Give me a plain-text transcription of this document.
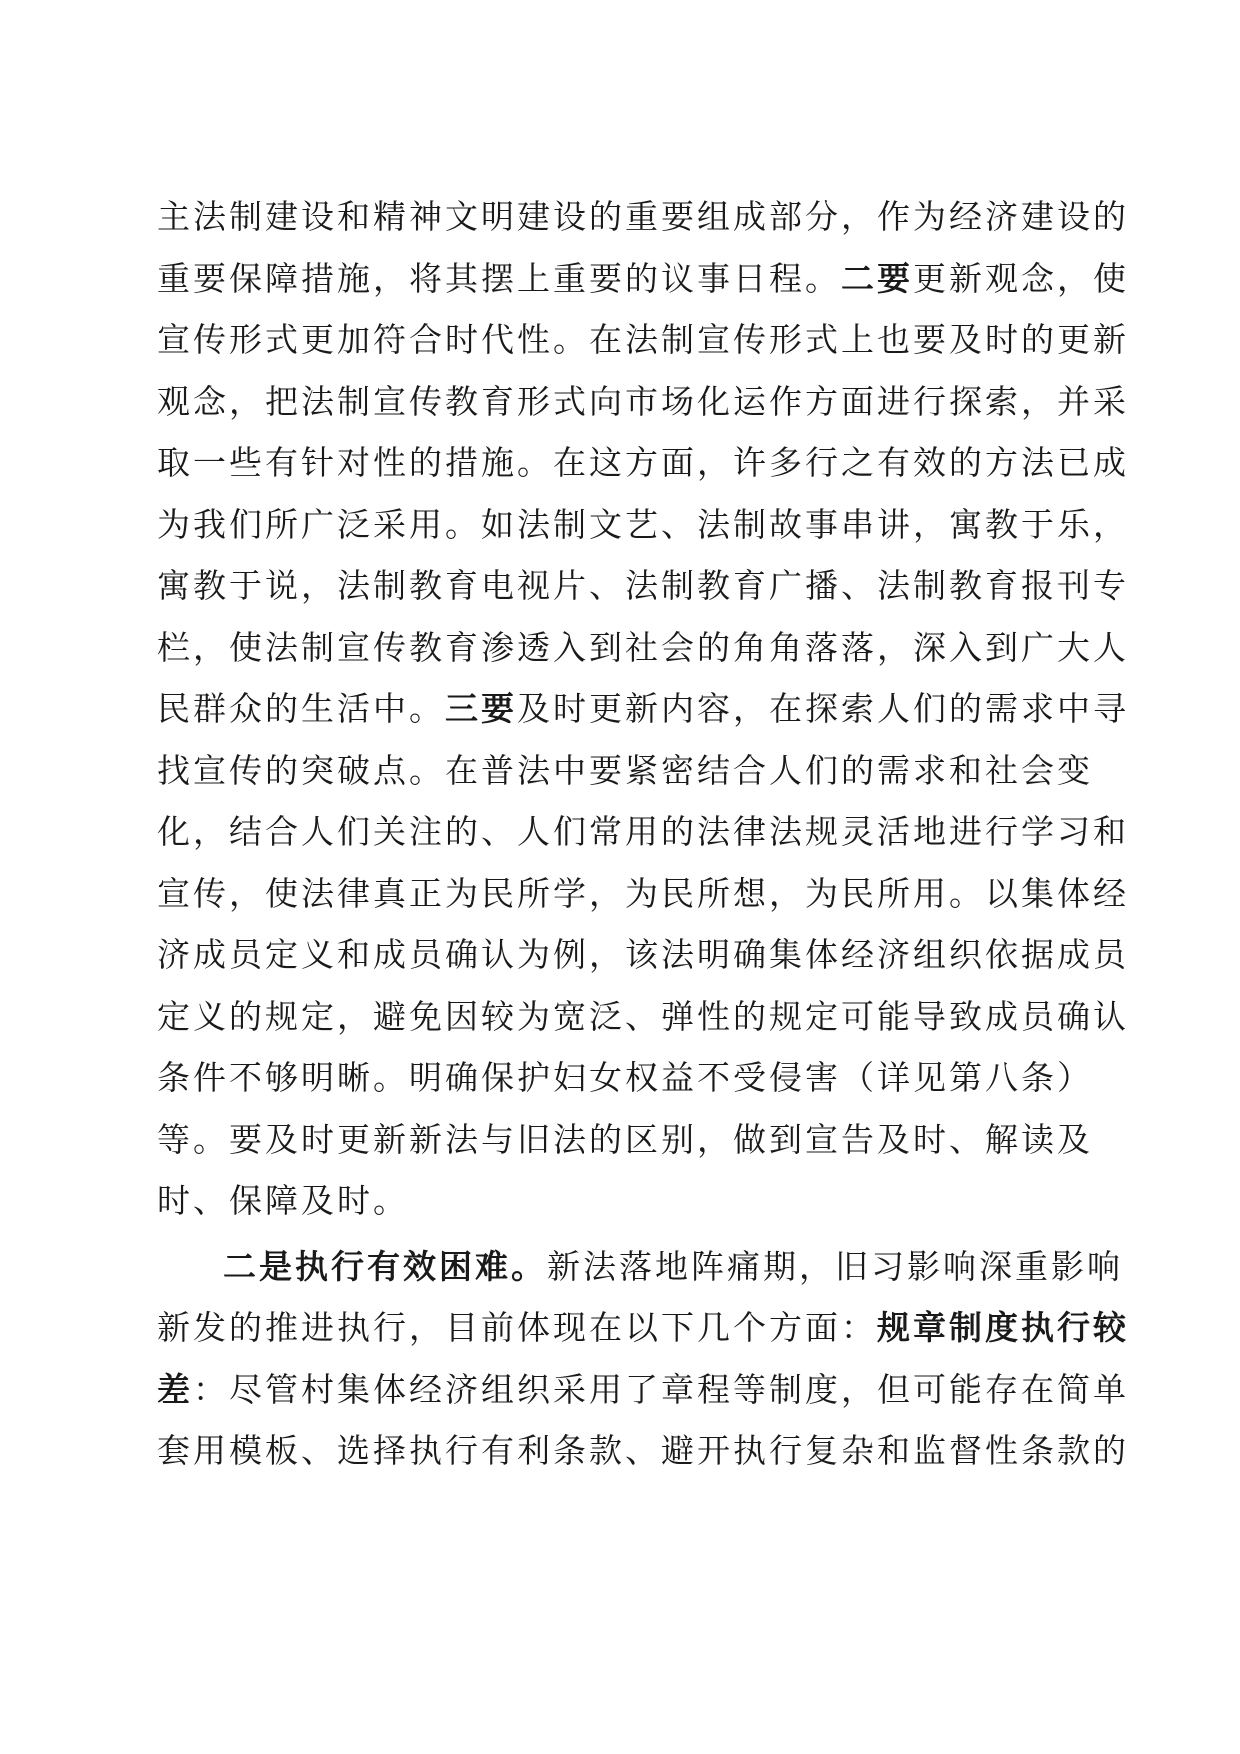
主法制建设和精神文明建设的重要组成部分，作为经济建设的
重要保障措施，将其摆上重要的议事日程。二要更新观念，使
宣传形式更加符合时代性。在法制宣传形式上也要及时的更新
观念，把法制宣传教育形式向市场化运作方面进行探索，并采
取一些有针对性的措施。在这方面，许多行之有效的方法已成
为我们所广泛采用。如法制文艺、法制故事串讲，寓教于乐，
寓教于说，法制教育电视片、法制教育广播、法制教育报刊专
栏，使法制宣传教育渗透入到社会的角角落落，深入到广大人
民群众的生活中。三要及时更新内容，在探索人们的需求中寻
找宣传的突破点。在普法中要紧密结合人们的需求和社会变
化，结合人们关注的、人们常用的法律法规灵活地进行学习和
宣传，使法律真正为民所学，为民所想，为民所用。以集体经
济成员定义和成员确认为例，该法明确集体经济组织依据成员
定义的规定，避免因较为宽泛、弹性的规定可能导致成员确认
条件不够明晰。明确保护妇女权益不受侵害（详见第八条）
等。要及时更新新法与旧法的区别，做到宣告及时、解读及
时、保障及时。
二是执行有效困难。新法落地阵痛期，旧习影响深重影响
新发的推进执行，目前体现在以下几个方面：规章制度执行较
差：尽管村集体经济组织采用了章程等制度，但可能存在简单
套用模板、选择执行有利条款、避开执行复杂和监督性条款的
